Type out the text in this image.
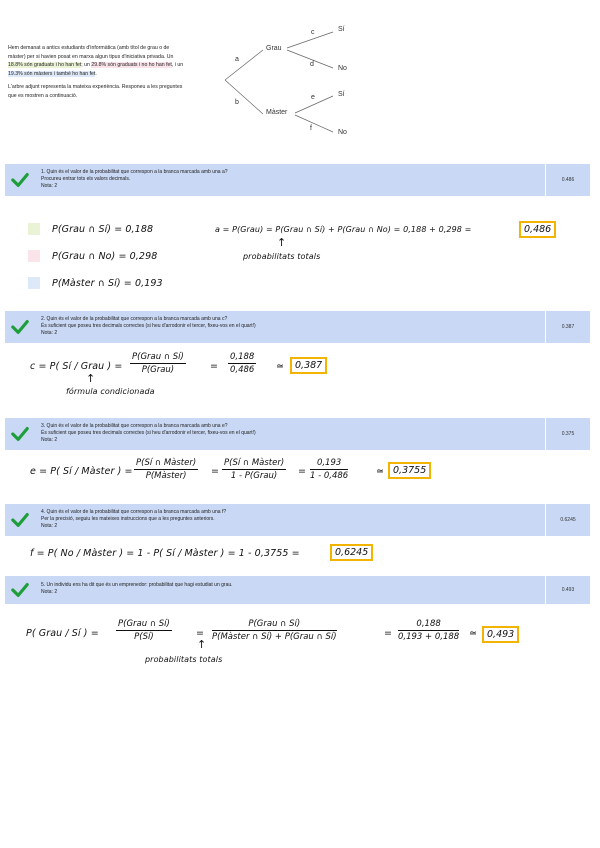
Hem demanat a antics estudiants d'informàtica (amb títol de grau o de màster) per si havien posat en marxa algun tipus d'iniciativa privada. Un 18.8% són graduats i ho han fet; un 29.8% són graduats i no ho han fet, i un 19.3% són màsters i també ho han fet.

L'arbre adjunt representa la mateixa experiència. Responeu a les preguntes que es mostren a continuació.

a
b
Grau
Màster
c
d
e
f
Sí
No
Sí
No
1. Quin és el valor de la probabilitat que correspon a la branca marcada amb una a?
Procureu entrar tots els valors decimals.
Nota: 2
0.486
2. Quin és el valor de la probabilitat que correspon a la branca marcada amb una c?
És suficient que poseu tres decimals correctes (si heu d'arrodonir el tercer, fixeu-vos en el quart!)
Nota: 2
0.387
3. Quin és el valor de la probabilitat que correspon a la branca marcada amb una e?
És suficient que poseu tres decimals correctes (si heu d'arrodonir el tercer, fixeu-vos en el quart!)
Nota: 2
0.375
4. Quin és el valor de la probabilitat que correspon a la branca marcada amb una f?
Per la precisió, seguiu les mateixes instruccions que a les preguntes anteriors.
Nota: 2
0.6245
5. Un individu ens ha dit que és un emprenedor: probabilitat que hagi estudiat un grau.
Nota: 2	0.493
P(Grau ∩ Sí) = 0,188
P(Grau ∩ No) = 0,298
P(Màster ∩ Sí) = 0,193
a = P(Grau) = P(Grau ∩ Sí) + P(Grau ∩ No) = 0,188 + 0,298 =	0,486
↑
probabilitats totals
c = P( Sí / Grau ) =
P(Grau ∩ Sí)
P(Grau)	= $\frac{0,188}{0,486}$ ≃	0,387
↑
fórmula condicionada
e = P( Sí / Màster ) =
P(Sí ∩ Màster)
P(Màster)	=
P(Sí ∩ Màster)
1 - P(Grau)	= $\frac{0,193}{1 - 0,486}$	≃ 0,3755
f = P( No / Màster ) = 1 - P( Sí / Màster ) = 1 - 0,3755 =	0,6245
P( Grau / Sí ) =
P(Grau ∩ Sí)
P(Sí)	=
P(Grau ∩ Sí)
P(Màster ∩ Sí) + P(Grau ∩ Sí)	= $\frac{0,188}{0,193 + 0,188}$ ≃	0,493
↑
probabilitats totals
